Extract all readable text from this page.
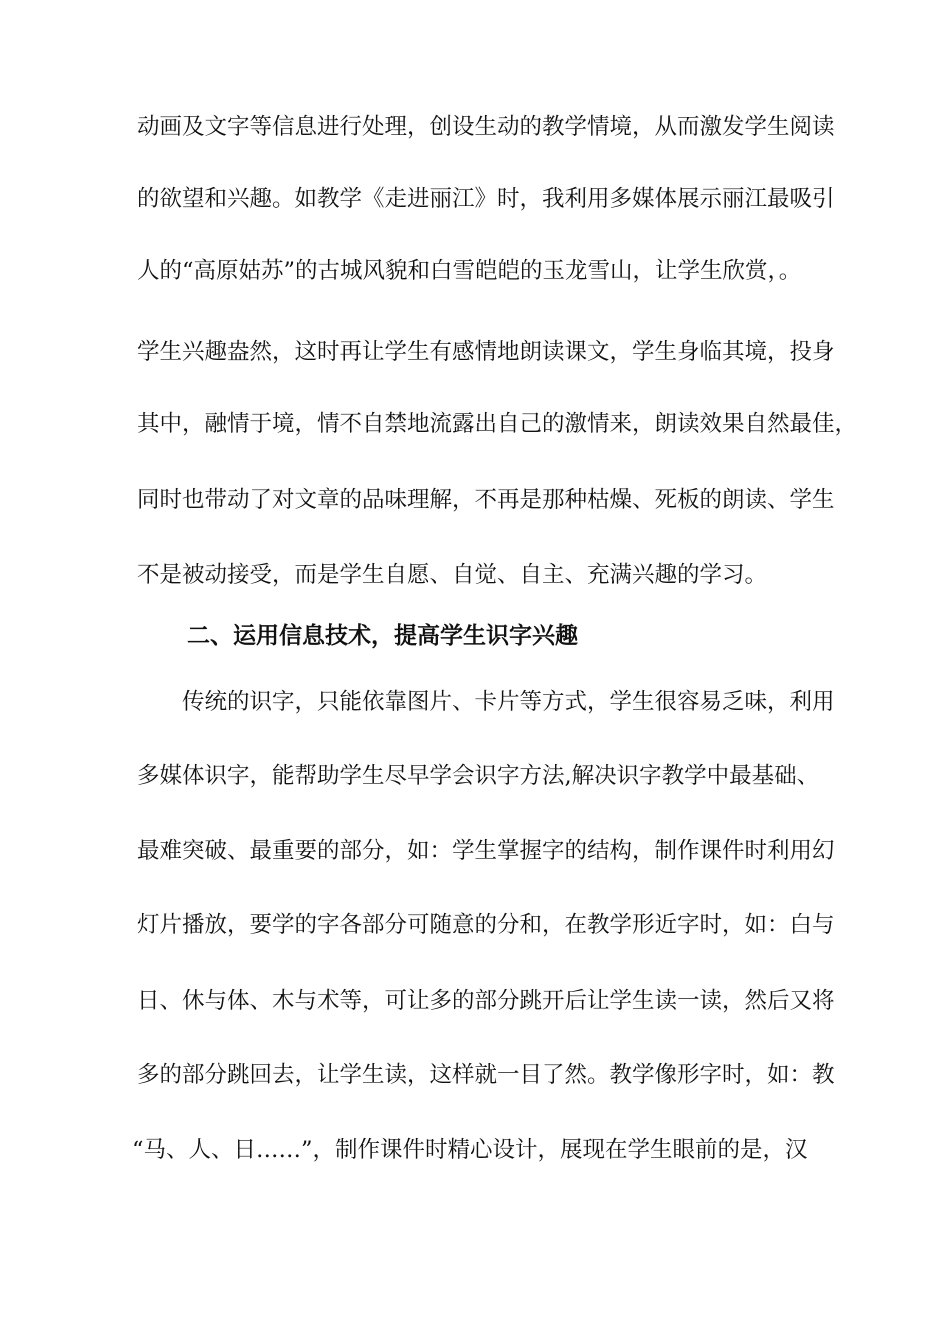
动画及文字等信息进行处理，创设生动的教学情境，从而激发学生阅读
的欲望和兴趣。如教学《走进丽江》时，我利用多媒体展示丽江最吸引
人的“高原姑苏”的古城风貌和白雪皑皑的玉龙雪山，让学生欣赏，。
学生兴趣盎然，这时再让学生有感情地朗读课文，学生身临其境，投身
其中，融情于境，情不自禁地流露出自己的激情来，朗读效果自然最佳，
同时也带动了对文章的品味理解，不再是那种枯燥、死板的朗读、学生
不是被动接受，而是学生自愿、自觉、自主、充满兴趣的学习。
二、运用信息技术，提高学生识字兴趣
传统的识字，只能依靠图片、卡片等方式，学生很容易乏味，利用
多媒体识字，能帮助学生尽早学会识字方法,解决识字教学中最基础、
最难突破、最重要的部分，如：学生掌握字的结构，制作课件时利用幻
灯片播放，要学的字各部分可随意的分和，在教学形近字时，如：白与
日、休与体、木与术等，可让多的部分跳开后让学生读一读，然后又将
多的部分跳回去，让学生读，这样就一目了然。教学像形字时，如：教
“马、人、日……”，制作课件时精心设计，展现在学生眼前的是，汉
